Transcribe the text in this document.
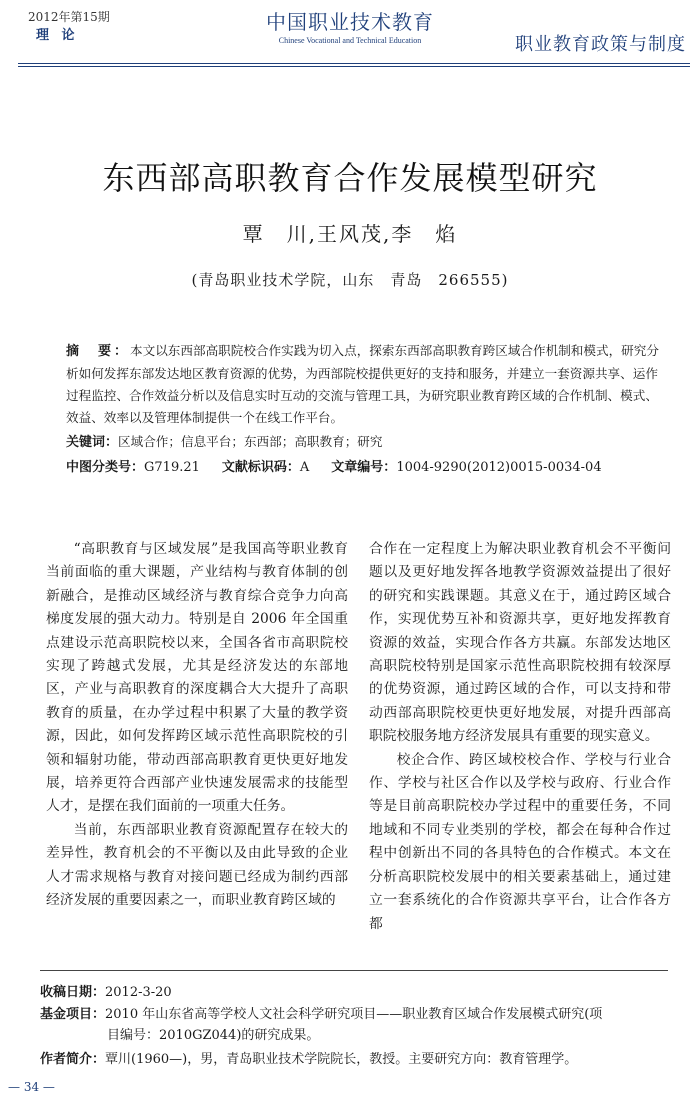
2012年第15期
理 论
中国职业技术教育
Chinese Vocational and Technical Education	职业教育政策与制度
东西部高职教育合作发展模型研究
覃　川,王风茂,李　焰
(青岛职业技术学院，山东　青岛　266555)
摘　要：本文以东西部高职院校合作实践为切入点，探索东西部高职教育跨区域合作机制和模式，研究分析如何发挥东部发达地区教育资源的优势，为西部院校提供更好的支持和服务，并建立一套资源共享、运作过程监控、合作效益分析以及信息实时互动的交流与管理工具，为研究职业教育跨区域的合作机制、模式、效益、效率以及管理体制提供一个在线工作平台。
关键词：区域合作；信息平台；东西部；高职教育；研究
中图分类号：G719.21 文献标识码：A 文章编号：1004-9290(2012)0015-0034-04

“高职教育与区域发展”是我国高等职业教育当前面临的重大课题，产业结构与教育体制的创新融合，是推动区域经济与教育综合竞争力向高梯度发展的强大动力。特别是自 2006 年全国重点建设示范高职院校以来，全国各省市高职院校实现了跨越式发展，尤其是经济发达的东部地区，产业与高职教育的深度耦合大大提升了高职教育的质量，在办学过程中积累了大量的教学资源，因此，如何发挥跨区域示范性高职院校的引领和辐射功能，带动西部高职教育更快更好地发展，培养更符合西部产业快速发展需求的技能型人才，是摆在我们面前的一项重大任务。

当前，东西部职业教育资源配置存在较大的差异性，教育机会的不平衡以及由此导致的企业人才需求规格与教育对接问题已经成为制约西部经济发展的重要因素之一，而职业教育跨区域的

合作在一定程度上为解决职业教育机会不平衡问题以及更好地发挥各地教学资源效益提出了很好的研究和实践课题。其意义在于，通过跨区域合作，实现优势互补和资源共享，更好地发挥教育资源的效益，实现合作各方共赢。东部发达地区高职院校特别是国家示范性高职院校拥有较深厚的优势资源，通过跨区域的合作，可以支持和带动西部高职院校更快更好地发展，对提升西部高职院校服务地方经济发展具有重要的现实意义。

校企合作、跨区域校校合作、学校与行业合作、学校与社区合作以及学校与政府、行业合作等是目前高职院校办学过程中的重要任务，不同地域和不同专业类别的学校，都会在每种合作过程中创新出不同的各具特色的合作模式。本文在分析高职院校发展中的相关要素基础上，通过建立一套系统化的合作资源共享平台，让合作各方都

收稿日期：2012-3-20
基金项目：2010 年山东省高等学校人文社会科学研究项目——职业教育区域合作发展模式研究(项
目编号：2010GZ044)的研究成果。
作者简介：覃川(1960—)，男，青岛职业技术学院院长，教授。主要研究方向：教育管理学。
— 34 —
